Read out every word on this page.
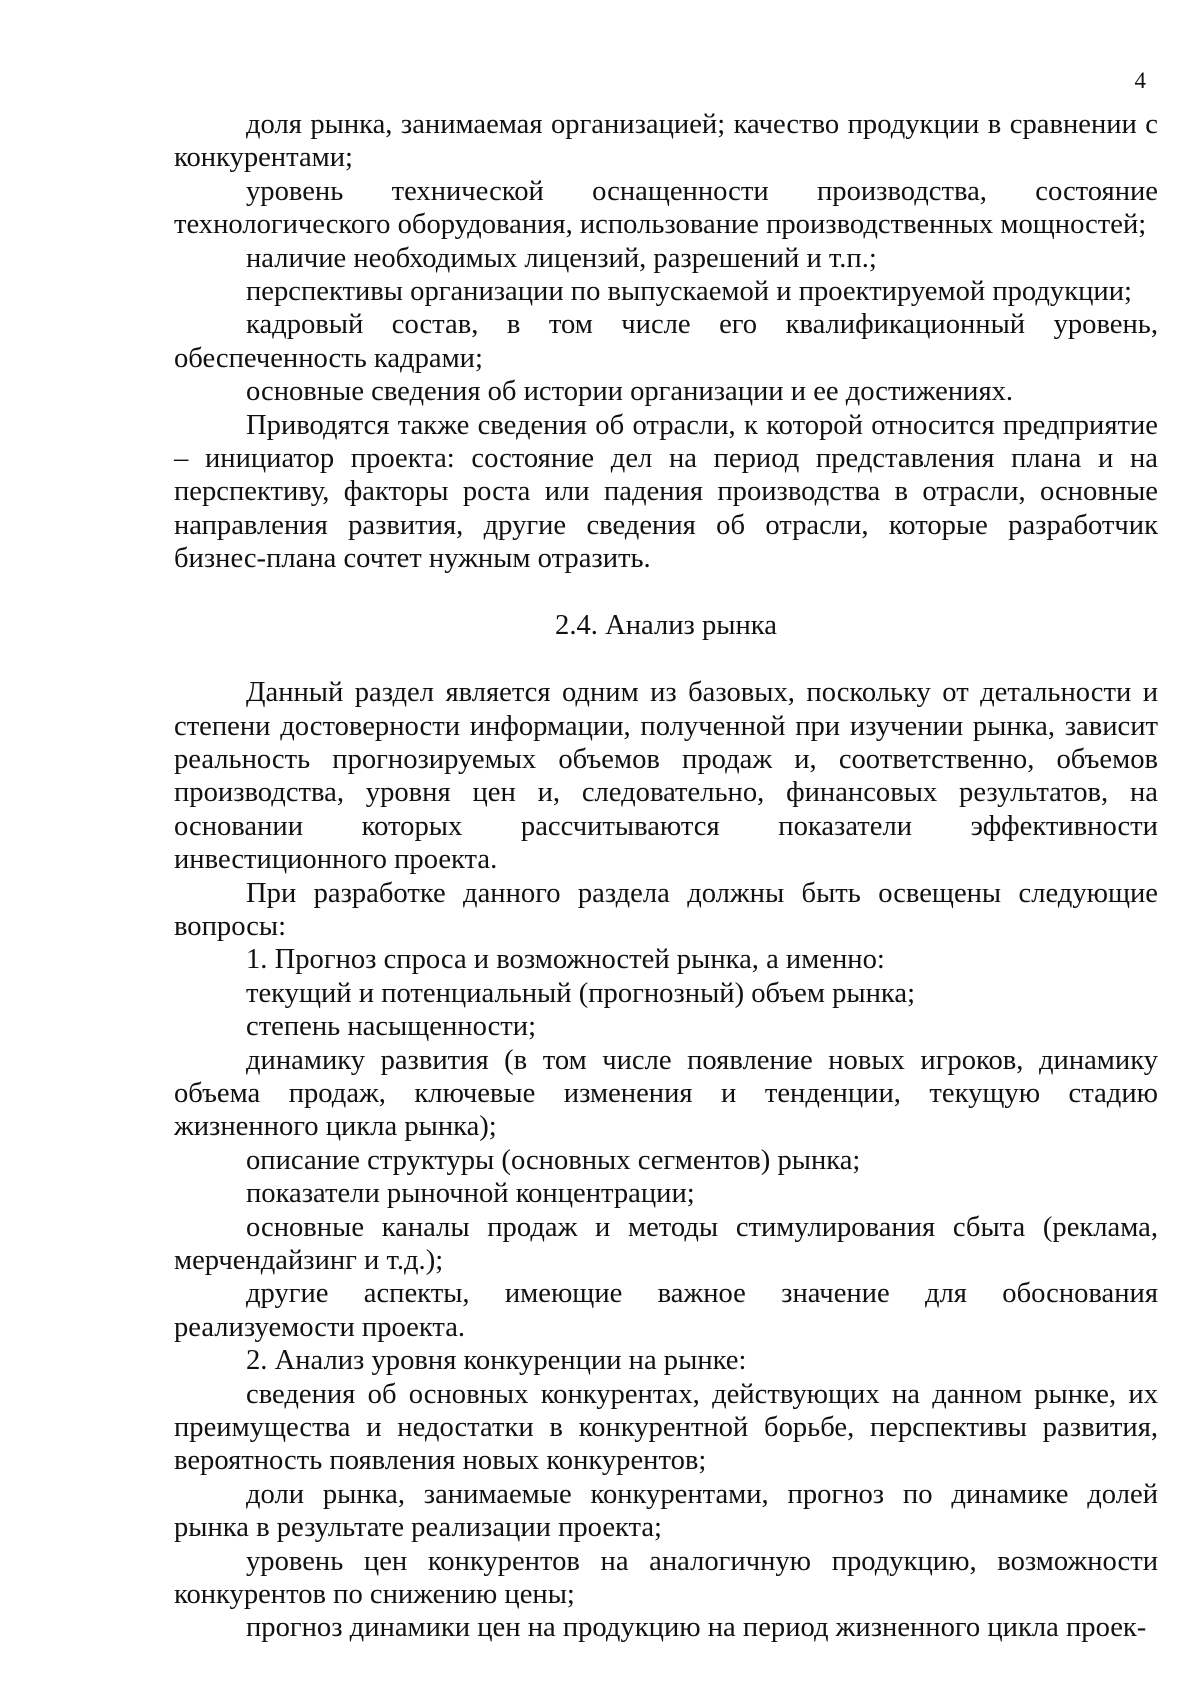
4

доля рынка, занимаемая организацией; качество продукции в сравнении с конкурентами;

уровень технической оснащенности производства, состояние технологического оборудования, использование производственных мощностей;

наличие необходимых лицензий, разрешений и т.п.;

перспективы организации по выпускаемой и проектируемой продукции;

кадровый состав, в том числе его квалификационный уровень, обеспеченность кадрами;

основные сведения об истории организации и ее достижениях.

Приводятся также сведения об отрасли, к которой относится предприятие – инициатор проекта: состояние дел на период представления плана и на перспективу, факторы роста или падения производства в отрасли, основные направления развития, другие сведения об отрасли, которые разработчик бизнес-плана сочтет нужным отразить.

2.4. Анализ рынка

Данный раздел является одним из базовых, поскольку от детальности и степени достоверности информации, полученной при изучении рынка, зависит реальность прогнозируемых объемов продаж и, соответственно, объемов производства, уровня цен и, следовательно, финансовых результатов, на основании которых рассчитываются показатели эффективности инвестиционного проекта.

При разработке данного раздела должны быть освещены следующие вопросы:

1. Прогноз спроса и возможностей рынка, а именно:

текущий и потенциальный (прогнозный) объем рынка;

степень насыщенности;

динамику развития (в том числе появление новых игроков, динамику объема продаж, ключевые изменения и тенденции, текущую стадию жизненного цикла рынка);

описание структуры (основных сегментов) рынка;

показатели рыночной концентрации;

основные каналы продаж и методы стимулирования сбыта (реклама, мерчендайзинг и т.д.);

другие аспекты, имеющие важное значение для обоснования реализуемости проекта.

2. Анализ уровня конкуренции на рынке:

сведения об основных конкурентах, действующих на данном рынке, их преимущества и недостатки в конкурентной борьбе, перспективы развития, вероятность появления новых конкурентов;

доли рынка, занимаемые конкурентами, прогноз по динамике долей рынка в результате реализации проекта;

уровень цен конкурентов на аналогичную продукцию, возможности конкурентов по снижению цены;

прогноз динамики цен на продукцию на период жизненного цикла проек-
